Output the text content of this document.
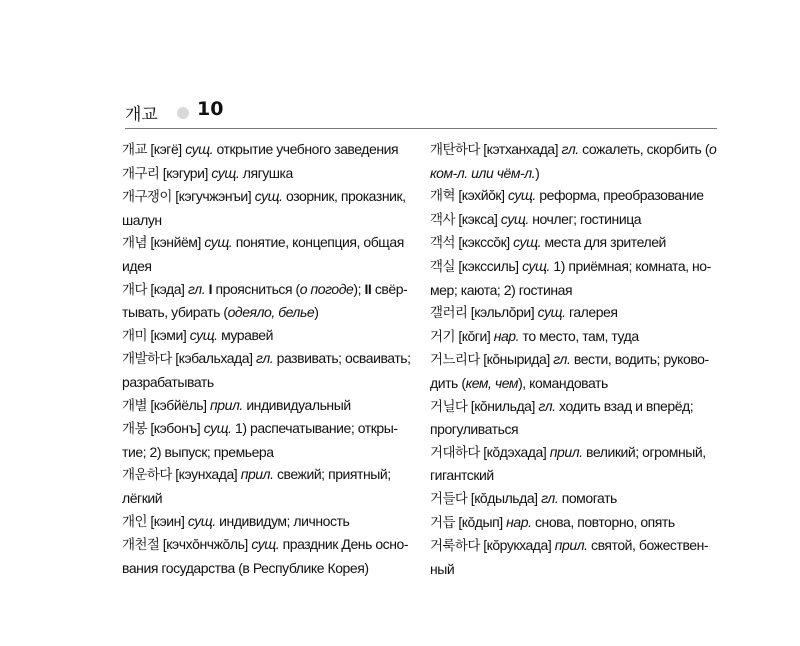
개교 10
개교 [кэгё] сущ. открытие учебного заведения
개구리 [кэгури] сущ. лягушка
개구쟁이 [кэгучжэнъи] сущ. озорник, проказник,
шалун
개념 [кэнйём] сущ. понятие, концепция, общая
идея
개다 [кэда] гл. I проясниться (о погоде); II свёр-
тывать, убирать (одеяло, белье)
개미 [кэми] сущ. муравей
개발하다 [кэбальхада] гл. развивать; осваивать;
разрабатывать
개별 [кэбйёль] прил. индивидуальный
개봉 [кэбонъ] сущ. 1) распечатывание; откры-
тие; 2) выпуск; премьера
개운하다 [кэунхада] прил. свежий; приятный;
лёгкий
개인 [кэин] сущ. индивидум; личность
개천절 [кэчхŏнчжŏль] сущ. праздник День осно-
вания государства (в Республике Корея)
개탄하다 [кэтханхада] гл. сожалеть, скорбить (о
ком-л. или чём-л.)
개혁 [кэхйŏк] сущ. реформа, преобразование
객사 [кэкса] сущ. ночлег; гостиница
객석 [кэкссŏк] сущ. места для зрителей
객실 [кэкссиль] сущ. 1) приёмная; комната, но-
мер; каюта; 2) гостиная
갤러리 [кэльлŏри] сущ. галерея
거기 [кŏги] нар. то место, там, туда
거느리다 [кŏнырида] гл. вести, водить; руково-
дить (кем, чем), командовать
거닐다 [кŏнильда] гл. ходить взад и вперёд;
прогуливаться
거대하다 [кŏдэхада] прил. великий; огромный,
гигантский
거들다 [кŏдыльда] гл. помогать
거듭 [кŏдып] нар. снова, повторно, опять
거룩하다 [кŏрукхада] прил. святой, божествен-
ный
